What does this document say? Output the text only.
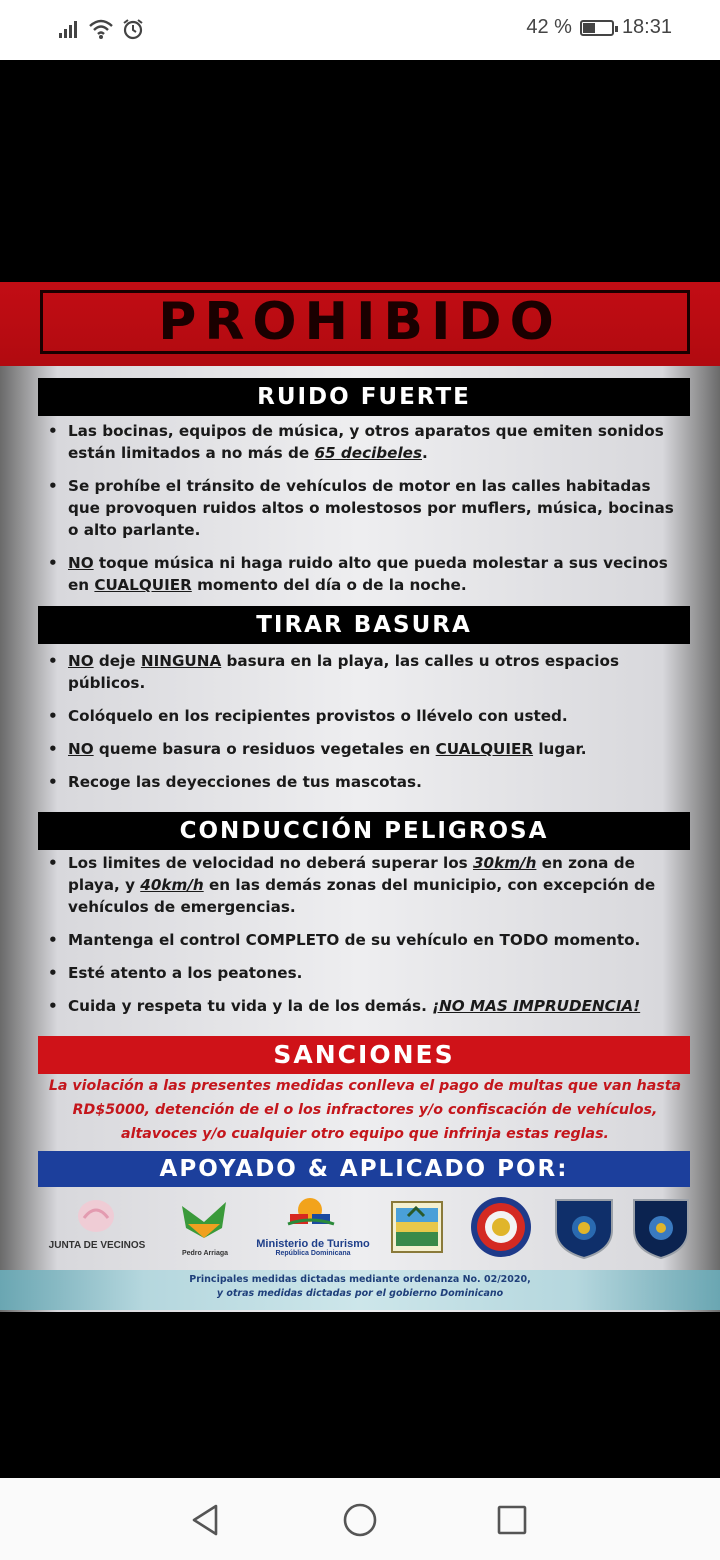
42 %	18:31
PROHIBIDO
RUIDO FUERTE
• Las bocinas, equipos de música, y otros aparatos que emiten sonidos están limitados a no más de 65 decibeles.
• Se prohíbe el tránsito de vehículos de motor en las calles habitadas que provoquen ruidos altos o molestosos por muflers, música, bocinas o alto parlante.
• NO toque música ni haga ruido alto que pueda molestar a sus vecinos en CUALQUIER momento del día o de la noche.
TIRAR BASURA
• NO deje NINGUNA basura en la playa, las calles u otros espacios públicos.
• Colóquelo en los recipientes provistos o llévelo con usted.
• NO queme basura o residuos vegetales en CUALQUIER lugar.
• Recoge las deyecciones de tus mascotas.
CONDUCCIÓN PELIGROSA
• Los limites de velocidad no deberá superar los 30km/h en zona de playa, y 40km/h en las demás zonas del municipio, con excepción de vehículos de emergencias.
• Mantenga el control COMPLETO de su vehículo en TODO momento.
• Esté atento a los peatones.
• Cuida y respeta tu vida y la de los demás. ¡NO MAS IMPRUDENCIA!
SANCIONES
La violación a las presentes medidas conlleva el pago de multas que van hasta RD$5000, detención de el o los infractores y/o confiscación de vehículos, altavoces y/o cualquier otro equipo que infrinja estas reglas.
APOYADO & APLICADO POR:
JUNTA DE VECINOS
Pedro Arriaga
Ministerio de Turismo
República Dominicana
Principales medidas dictadas mediante ordenanza No. 02/2020,
y otras medidas dictadas por el gobierno Dominicano
